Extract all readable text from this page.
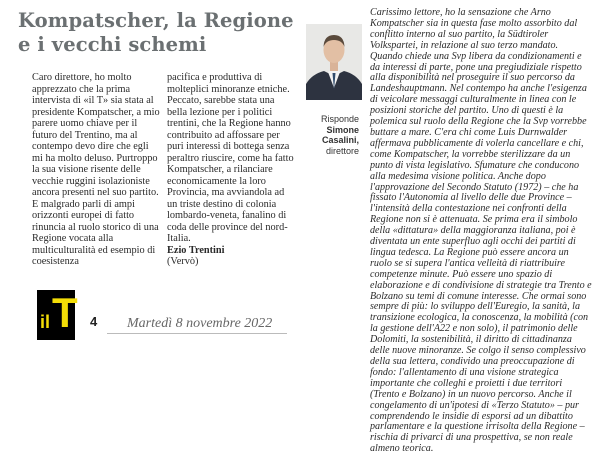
Kompatscher, la Regione
e i vecchi schemi

Caro direttore, ho molto apprezzato che la prima intervista di «il T» sia stata al presidente Kompatscher, a mio parere uomo chiave per il futuro del Trentino, ma al contempo devo dire che egli mi ha molto deluso. Purtroppo la sua visione risente delle vecchie ruggini isolazioniste ancora presenti nel suo partito. E malgrado parli di ampi orizzonti europei di fatto rinuncia al ruolo storico di una Regione vocata alla multiculturalità ed esempio di coesistenza

pacifica e produttiva di molteplici minoranze etniche. Peccato, sarebbe stata una bella lezione per i politici trentini, che la Regione hanno contribuito ad affossare per puri interessi di bottega senza peraltro riuscire, come ha fatto Kompatscher, a rilanciare economicamente la loro Provincia, ma avviandola ad un triste destino di colonia lombardo-veneta, fanalino di coda delle province del nord-Italia.

Ezio Trentini
(Vervò)
Risponde
Simone
Casalini,
direttore

Carissimo lettore, ho la sensazione che Arno Kompatscher sia in questa fase molto assorbito dal conflitto interno al suo partito, la Südtiroler Volkspartei, in relazione al suo terzo mandato. Quando chiede una Svp libera da condizionamenti e da interessi di parte, pone una pregiudiziale rispetto alla disponibilità nel proseguire il suo percorso da Landeshauptmann. Nel contempo ha anche l'esigenza di veicolare messaggi culturalmente in linea con le posizioni storiche del partito. Uno di questi è la polemica sul ruolo della Regione che la Svp vorrebbe buttare a mare. C'era chi come Luis Durnwalder affermava pubblicamente di volerla cancellare e chi, come Kompatscher, la vorrebbe sterilizzare da un punto di vista legislativo. Sfumature che conducono alla medesima visione politica. Anche dopo l'approvazione del Secondo Statuto (1972) – che ha fissato l'Autonomia al livello delle due Province – l'intensità della contestazione nei confronti della Regione non si è attenuata. Se prima era il simbolo della «dittatura» della maggioranza italiana, poi è diventata un ente superfluo agli occhi dei partiti di lingua tedesca. La Regione può essere ancora un ruolo se si supera l'antica velleità di riattribuire competenze minute. Può essere uno spazio di elaborazione e di condivisione di strategie tra Trento e Bolzano su temi di comune interesse. Che ormai sono sempre di più: lo sviluppo dell'Euregio, la sanità, la transizione ecologica, la conoscenza, la mobilità (con la gestione dell'A22 e non solo), il patrimonio delle Dolomiti, la sostenibilità, il diritto di cittadinanza delle nuove minoranze. Se colgo il senso complessivo della sua lettera, condivido una preoccupazione di fondo: l'allentamento di una visione strategica importante che colleghi e proietti i due territori (Trento e Bolzano) in un nuovo percorso. Anche il congelamento di un'ipotesi di «Terzo Statuto» – pur comprendendo le insidie di esporsi ad un dibattito parlamentare e la questione irrisolta della Regione – rischia di privarci di una prospettiva, se non reale almeno teorica.

il T 4 Martedì 8 novembre 2022
